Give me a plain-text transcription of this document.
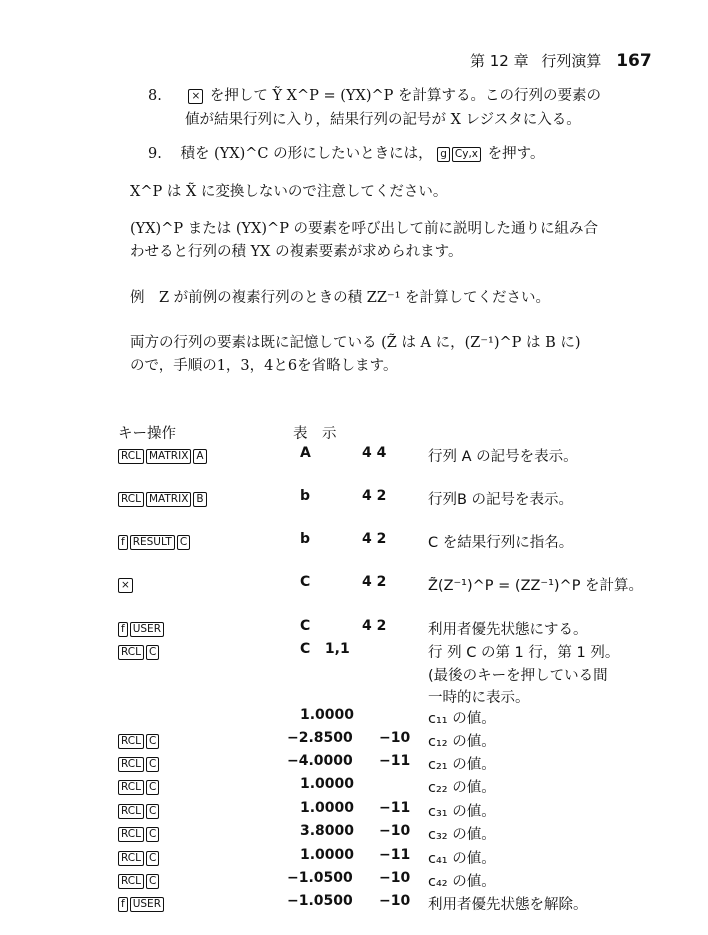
第 12 章 行列演算 167
8.	× を押して Ỹ X^P = (YX)^P を計算する。この行列の要素の
値が結果行列に入り，結果行列の記号が X レジスタに入る。
9. 積を (YX)^C の形にしたいときには， g Cy,x を押す。
X^P は X̃ に変換しないので注意してください。
(YX)^P または (YX)^P の要素を呼び出して前に説明した通りに組み合
わせると行列の積 YX の複素要素が求められます。
例　Z が前例の複素行列のときの積 ZZ⁻¹ を計算してください。
両方の行列の要素は既に記憶している (Z̃ は A に，(Z⁻¹)^P は B に)
ので，手順の1，3，4と6を省略します。
キー操作	表　示
RCL MATRIX A	A	4 4	行列 A の記号を表示。
RCL MATRIX B	b	4 2	行列B の記号を表示。
f RESULT C	b	4 2	C を結果行列に指名。
×	C	4 2	Z̃(Z⁻¹)^P = (ZZ⁻¹)^P を計算。
f USER	C	4 2	利用者優先状態にする。
RCL C	C   1,1	行 列 C の第 1 行，第 1 列。
(最後のキーを押している間
一時的に表示。
1.0000	c₁₁ の値。
RCL C	−2.8500 −10 c₁₂ の値。
RCL C	−4.0000 −11 c₂₁ の値。
RCL C	1.0000	c₂₂ の値。
RCL C	1.0000 −11 c₃₁ の値。
RCL C	3.8000 −10 c₃₂ の値。
RCL C	1.0000 −11 c₄₁ の値。
RCL C	−1.0500 −10 c₄₂ の値。
f USER	−1.0500 −10 利用者優先状態を解除。
